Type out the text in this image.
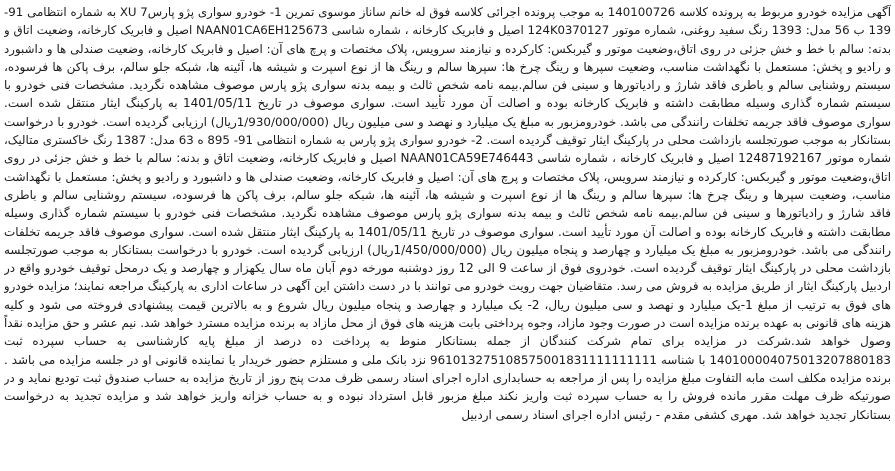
آگهی مزایده خودرو مربوط به پرونده کلاسه 140100726 به موجب پرونده اجرائی کلاسه فوق له خانم ساناز موسوی تمرین 1- خودرو سواری پژو پارس7 XU به شماره انتظامی 91-
139 ب 56 مدل: 1393 رنگ سفید روغنی، شماره موتور 124K0370127 اصیل و فابریک کارخانه ، شماره شاسی NAAN01CA6EH125673 اصیل و فابریک کارخانه، وضعیت اتاق و
بدنه: سالم با خط و خش جزئی در روی اتاق،وضعیت موتور و گیربکس: کارکرده و نیازمند سرویس، پلاک مختصات و پرچ های آن: اصیل و فابریک کارخانه، وضعیت صندلی ها و داشبورد
و رادیو و پخش: مستعمل با نگهداشت مناسب، وضعیت سپرها و رینگ چرخ ها: سپرها سالم و رینگ ها از نوع اسپرت و شیشه ها، آئینه ها، شبکه جلو سالم، برف پاکن ها فرسوده،
سیستم روشنایی سالم و باطری فاقد شارژ و رادیاتورها و سینی فن سالم.بیمه نامه شخص ثالث و بیمه بدنه سواری پژو پارس موصوف مشاهده نگردید. مشخصات فنی خودرو با
سیستم شماره گذاری وسیله مطابقت داشته و فابریک کارخانه بوده و اصالت آن مورد تأیید است. سواری موصوف در تاریخ 1401/05/11 به پارکینگ ایثار منتقل شده است.
سواری موصوف فاقد جریمه تخلفات رانندگی می باشد. خودرومزبور به مبلغ یک میلیارد و نهصد و سی میلیون ریال (1/930/000/000ریال) ارزیابی گردیده است. خودرو با درخواست
بستانکار به موجب صورتجلسه بازداشت محلی در پارکینگ ایثار توقیف گردیده است. 2- خودرو سواری پژو پارس به شماره انتظامی 91- 895 ه 63 مدل: 1387 رنگ خاکستری متالیک،
شماره موتور 12487192167 اصیل و فابریک کارخانه ، شماره شاسی NAAN01CA59E746443 اصیل و فابریک کارخانه، وضعیت اتاق و بدنه: سالم با خط و خش جزئی در روی
اتاق،وضعیت موتور و گیربکس: کارکرده و نیازمند سرویس، پلاک مختصات و پرچ های آن: اصیل و فابریک کارخانه، وضعیت صندلی ها و داشبورد و رادیو و پخش: مستعمل با نگهداشت
مناسب، وضعیت سپرها و رینگ چرخ ها: سپرها سالم و رینگ ها از نوع اسپرت و شیشه ها، آئینه ها، شبکه جلو سالم، برف پاکن ها فرسوده، سیستم روشنایی سالم و باطری
فاقد شارژ و رادیاتورها و سینی فن سالم.بیمه نامه شخص ثالث و بیمه بدنه سواری پژو پارس موصوف مشاهده نگردید. مشخصات فنی خودرو با سیستم شماره گذاری وسیله
مطابقت داشته و فابریک کارخانه بوده و اصالت آن مورد تأیید است. سواری موصوف در تاریخ 1401/05/11 به پارکینگ ایثار منتقل شده است. سواری موصوف فاقد جریمه تخلفات
رانندگی می باشد. خودرومزبور به مبلغ یک میلیارد و چهارصد و پنجاه میلیون ریال (1/450/000/000ریال) ارزیابی گردیده است. خودرو با درخواست بستانکار به موجب صورتجلسه
بازداشت محلی در پارکینگ ایثار توقیف گردیده است. خودروی فوق از ساعت 9 الی 12 روز دوشنبه مورخه دوم آبان ماه سال یکهزار و چهارصد و یک درمحل توقیف خودرو واقع در
اردبیل پارکینگ ایثار از طریق مزایده به فروش می رسد. متقاضیان جهت رویت خودرو می توانند با در دست داشتن این آگهی در ساعات اداری به پارکینگ مراجعه نمایند؛ مزایده خودرو
های فوق به ترتیب از مبلغ 1-یک میلیارد و نهصد و سی میلیون ریال، 2- یک میلیارد و چهارصد و پنجاه میلیون ریال شروع و به بالاترین قیمت پیشنهادی فروخته می شود و کلیه
هزینه های قانونی به عهده برنده مزایده است در صورت وجود مازاد، وجوه پرداختی بابت هزینه های فوق از محل مازاد به برنده مزایده مسترد خواهد شد. نیم عشر و حق مزایده نقداً
وصول خواهد شد.شرکت در مزایده برای تمام شرکت کنندگان از جمله بستانکار منوط به پرداخت ده درصد از مبلغ پایه کارشناسی به حساب سپرده ثبت
140100004075013207880183 با شناسه 961013275108575001831111111111 نزد بانک ملی و مستلزم حضور خریدار یا نماینده قانونی او در جلسه مزایده می باشد .
برنده مزایده مکلف است مابه التفاوت مبلغ مزایده را پس از مراجعه به حسابداری اداره اجرای اسناد رسمی ظرف مدت پنج روز از تاریخ مزایده به حساب صندوق ثبت تودیع نماید و در
صورتیکه ظرف مهلت مقرر مانده فروش را به حساب سپرده ثبت واریز نکند مبلغ مزبور قابل استرداد نبوده و به حساب خزانه واریز خواهد شد و مزایده تجدید به درخواست
بستانکار تجدید خواهد شد. مهری کشفی مقدم - رئیس اداره اجرای اسناد رسمی اردبیل
